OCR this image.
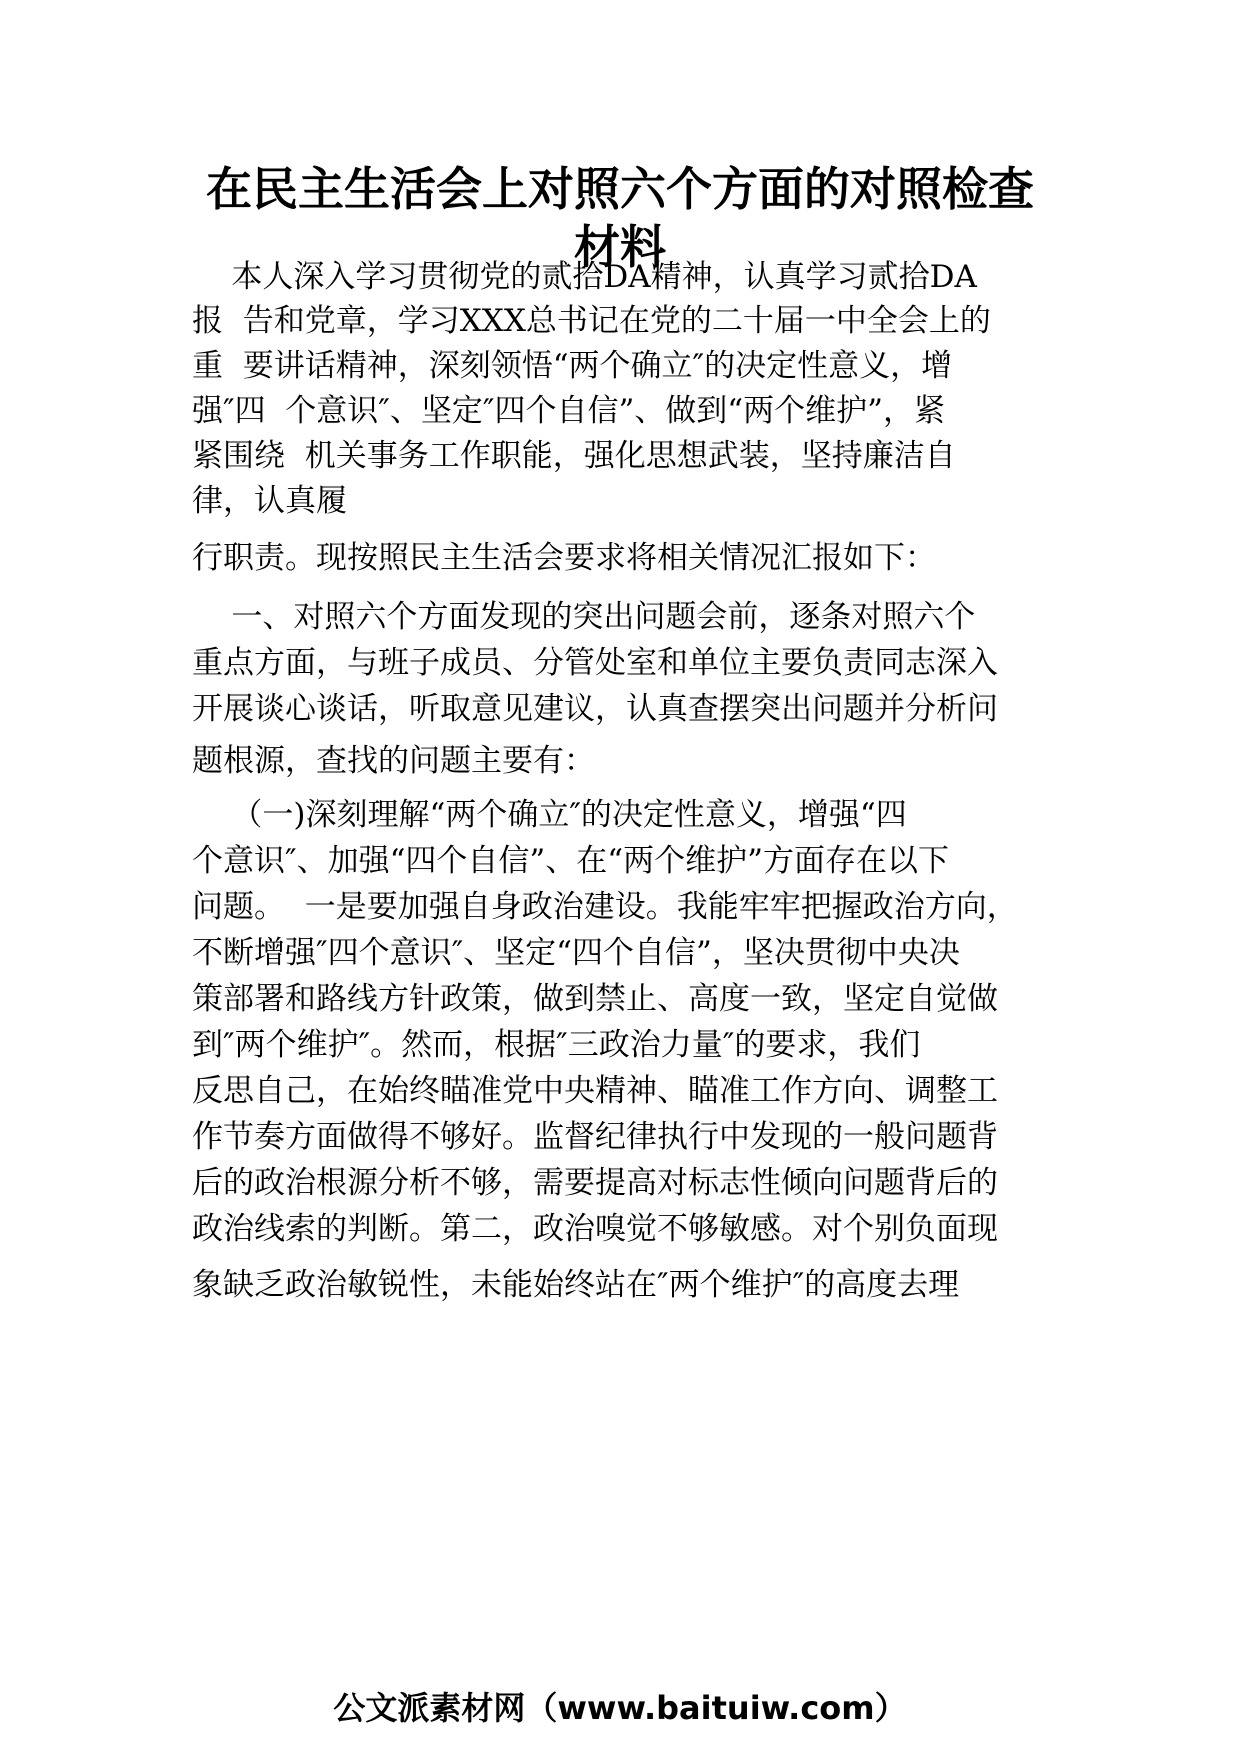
在民主生活会上对照六个方面的对照检查
材料
本人深入学习贯彻党的贰拾DA精神，认真学习贰拾DA
报  告和党章，学习XXX总书记在党的二十届一中全会上的
重  要讲话精神，深刻领悟“两个确立″的决定性意义，增
强″四  个意识″、坚定″四个自信”、做到“两个维护”，紧
紧围绕  机关事务工作职能，强化思想武装，坚持廉洁自
律，认真履
行职责。现按照民主生活会要求将相关情况汇报如下：
一、对照六个方面发现的突出问题会前，逐条对照六个
重点方面，与班子成员、分管处室和单位主要负责同志深入
开展谈心谈话，听取意见建议，认真查摆突出问题并分析问
题根源，查找的问题主要有：
（一)深刻理解“两个确立″的决定性意义，增强“四
个意识″、加强“四个自信”、在“两个维护”方面存在以下
问题。  一是要加强自身政治建设。我能牢牢把握政治方向，
不断增强″四个意识″、坚定“四个自信”，坚决贯彻中央决
策部署和路线方针政策，做到禁止、高度一致，坚定自觉做
到″两个维护″。然而，根据″三政治力量″的要求，我们
反思自己，在始终瞄准党中央精神、瞄准工作方向、调整工
作节奏方面做得不够好。监督纪律执行中发现的一般问题背
后的政治根源分析不够，需要提高对标志性倾向问题背后的
政治线索的判断。第二，政治嗅觉不够敏感。对个别负面现
象缺乏政治敏锐性，未能始终站在″两个维护″的高度去理
公文派素材网（www.baituiw.com）
